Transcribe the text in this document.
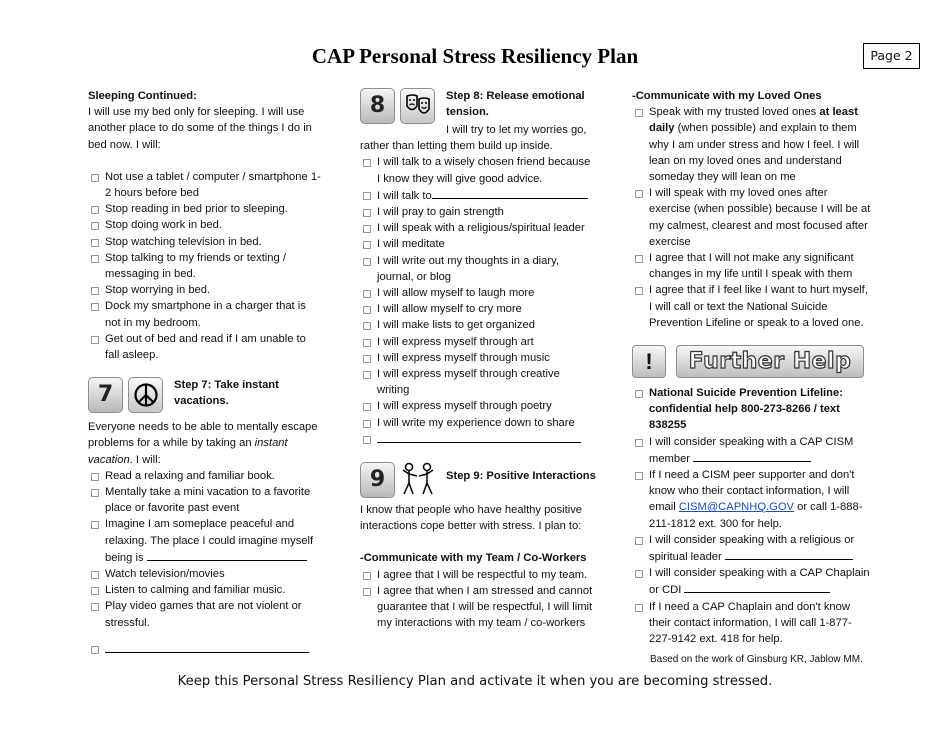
CAP Personal Stress Resiliency Plan	Page 2

Sleeping Continued:

I will use my bed only for sleeping. I will use another place to do some of the things I do in bed now. I will:

Not use a tablet / computer / smartphone 1-2 hours before bed
Stop reading in bed prior to sleeping.
Stop doing work in bed.
Stop watching television in bed.
Stop talking to my friends or texting / messaging in bed.
Stop worrying in bed.
Dock my smartphone in a charger that is not in my bedroom.
Get out of bed and read if I am unable to fall asleep.
7	Step 7: Take instant vacations.

Everyone needs to be able to mentally escape problems for a while by taking an instant vacation. I will:

Read a relaxing and familiar book.
Mentally take a mini vacation to a favorite place or favorite past event
Imagine I am someplace peaceful and relaxing. The place I could imagine myself being is
Watch television/movies
Listen to calming and familiar music.
Play video games that are not violent or stressful.
8	Step 8: Release emotional tension.

I will try to let my worries go,

rather than letting them build up inside.

I will talk to a wisely chosen friend because I know they will give good advice.
I will talk to
I will pray to gain strength
I will speak with a religious/spiritual leader
I will meditate
I will write out my thoughts in a diary, journal, or blog
I will allow myself to laugh more
I will allow myself to cry more
I will make lists to get organized
I will express myself through art
I will express myself through music
I will express myself through creative writing
I will express myself through poetry
I will write my experience down to share
9	Step 9: Positive Interactions

I know that people who have healthy positive interactions cope better with stress. I plan to:

-Communicate with my Team / Co-Workers

I agree that I will be respectful to my team.
I agree that when I am stressed and cannot guarantee that I will be respectful, I will limit my interactions with my team / co-workers

-Communicate with my Loved Ones

Speak with my trusted loved ones at least daily (when possible) and explain to them why I am under stress and how I feel. I will lean on my loved ones and understand someday they will lean on me
I will speak with my loved ones after exercise (when possible) because I will be at my calmest, clearest and most focused after exercise
I agree that I will not make any significant changes in my life until I speak with them
I agree that if I feel like I want to hurt myself, I will call or text the National Suicide Prevention Lifeline or speak to a loved one.
!	Further Help
National Suicide Prevention Lifeline: confidential help 800-273-8266 / text 838255
I will consider speaking with a CAP CISM member
If I need a CISM peer supporter and don't know who their contact information, I will email CISM@CAPNHQ.GOV or call 1-888-211-1812 ext. 300 for help.
I will consider speaking with a religious or spiritual leader
I will consider speaking with a CAP Chaplain or CDI
If I need a CAP Chaplain and don't know their contact information, I will call 1-877-227-9142 ext. 418 for help.
Based on the work of Ginsburg KR, Jablow MM.
Keep this Personal Stress Resiliency Plan and activate it when you are becoming stressed.
